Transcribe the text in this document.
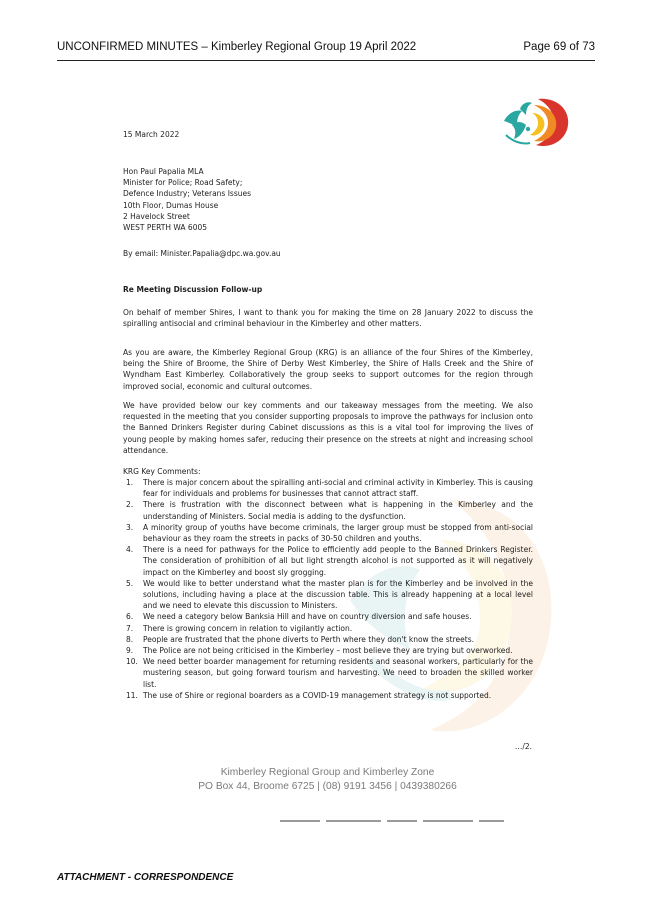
UNCONFIRMED MINUTES – Kimberley Regional Group 19 April 2022	Page 69 of 73
15 March 2022
Hon Paul Papalia MLA
Minister for Police; Road Safety;
Defence Industry; Veterans Issues
10th Floor, Dumas House
2 Havelock Street
WEST PERTH WA 6005
By email: Minister.Papalia@dpc.wa.gov.au
Re Meeting Discussion Follow-up

On behalf of member Shires, I want to thank you for making the time on 28 January 2022 to discuss the spiralling antisocial and criminal behaviour in the Kimberley and other matters.

As you are aware, the Kimberley Regional Group (KRG) is an alliance of the four Shires of the Kimberley, being the Shire of Broome, the Shire of Derby West Kimberley, the Shire of Halls Creek and the Shire of Wyndham East Kimberley. Collaboratively the group seeks to support outcomes for the region through improved social, economic and cultural outcomes.

We have provided below our key comments and our takeaway messages from the meeting. We also requested in the meeting that you consider supporting proposals to improve the pathways for inclusion onto the Banned Drinkers Register during Cabinet discussions as this is a vital tool for improving the lives of young people by making homes safer, reducing their presence on the streets at night and increasing school attendance.

KRG Key Comments:
1. There is major concern about the spiralling anti-social and criminal activity in Kimberley. This is causing fear for individuals and problems for businesses that cannot attract staff.
2. There is frustration with the disconnect between what is happening in the Kimberley and the understanding of Ministers. Social media is adding to the dysfunction.
3. A minority group of youths have become criminals, the larger group must be stopped from anti-social behaviour as they roam the streets in packs of 30-50 children and youths.
4. There is a need for pathways for the Police to efficiently add people to the Banned Drinkers Register. The consideration of prohibition of all but light strength alcohol is not supported as it will negatively impact on the Kimberley and boost sly grogging.
5. We would like to better understand what the master plan is for the Kimberley and be involved in the solutions, including having a place at the discussion table. This is already happening at a local level and we need to elevate this discussion to Ministers.
6. We need a category below Banksia Hill and have on country diversion and safe houses.
7. There is growing concern in relation to vigilantly action.
8. People are frustrated that the phone diverts to Perth where they don't know the streets.
9. The Police are not being criticised in the Kimberley – most believe they are trying but overworked.
10. We need better boarder management for returning residents and seasonal workers, particularly for the mustering season, but going forward tourism and harvesting. We need to broaden the skilled worker list.
11. The use of Shire or regional boarders as a COVID-19 management strategy is not supported.
…/2.
Kimberley Regional Group and Kimberley Zone
PO Box 44, Broome 6725 | (08) 9191 3456 | 0439380266
ATTACHMENT - CORRESPONDENCE
